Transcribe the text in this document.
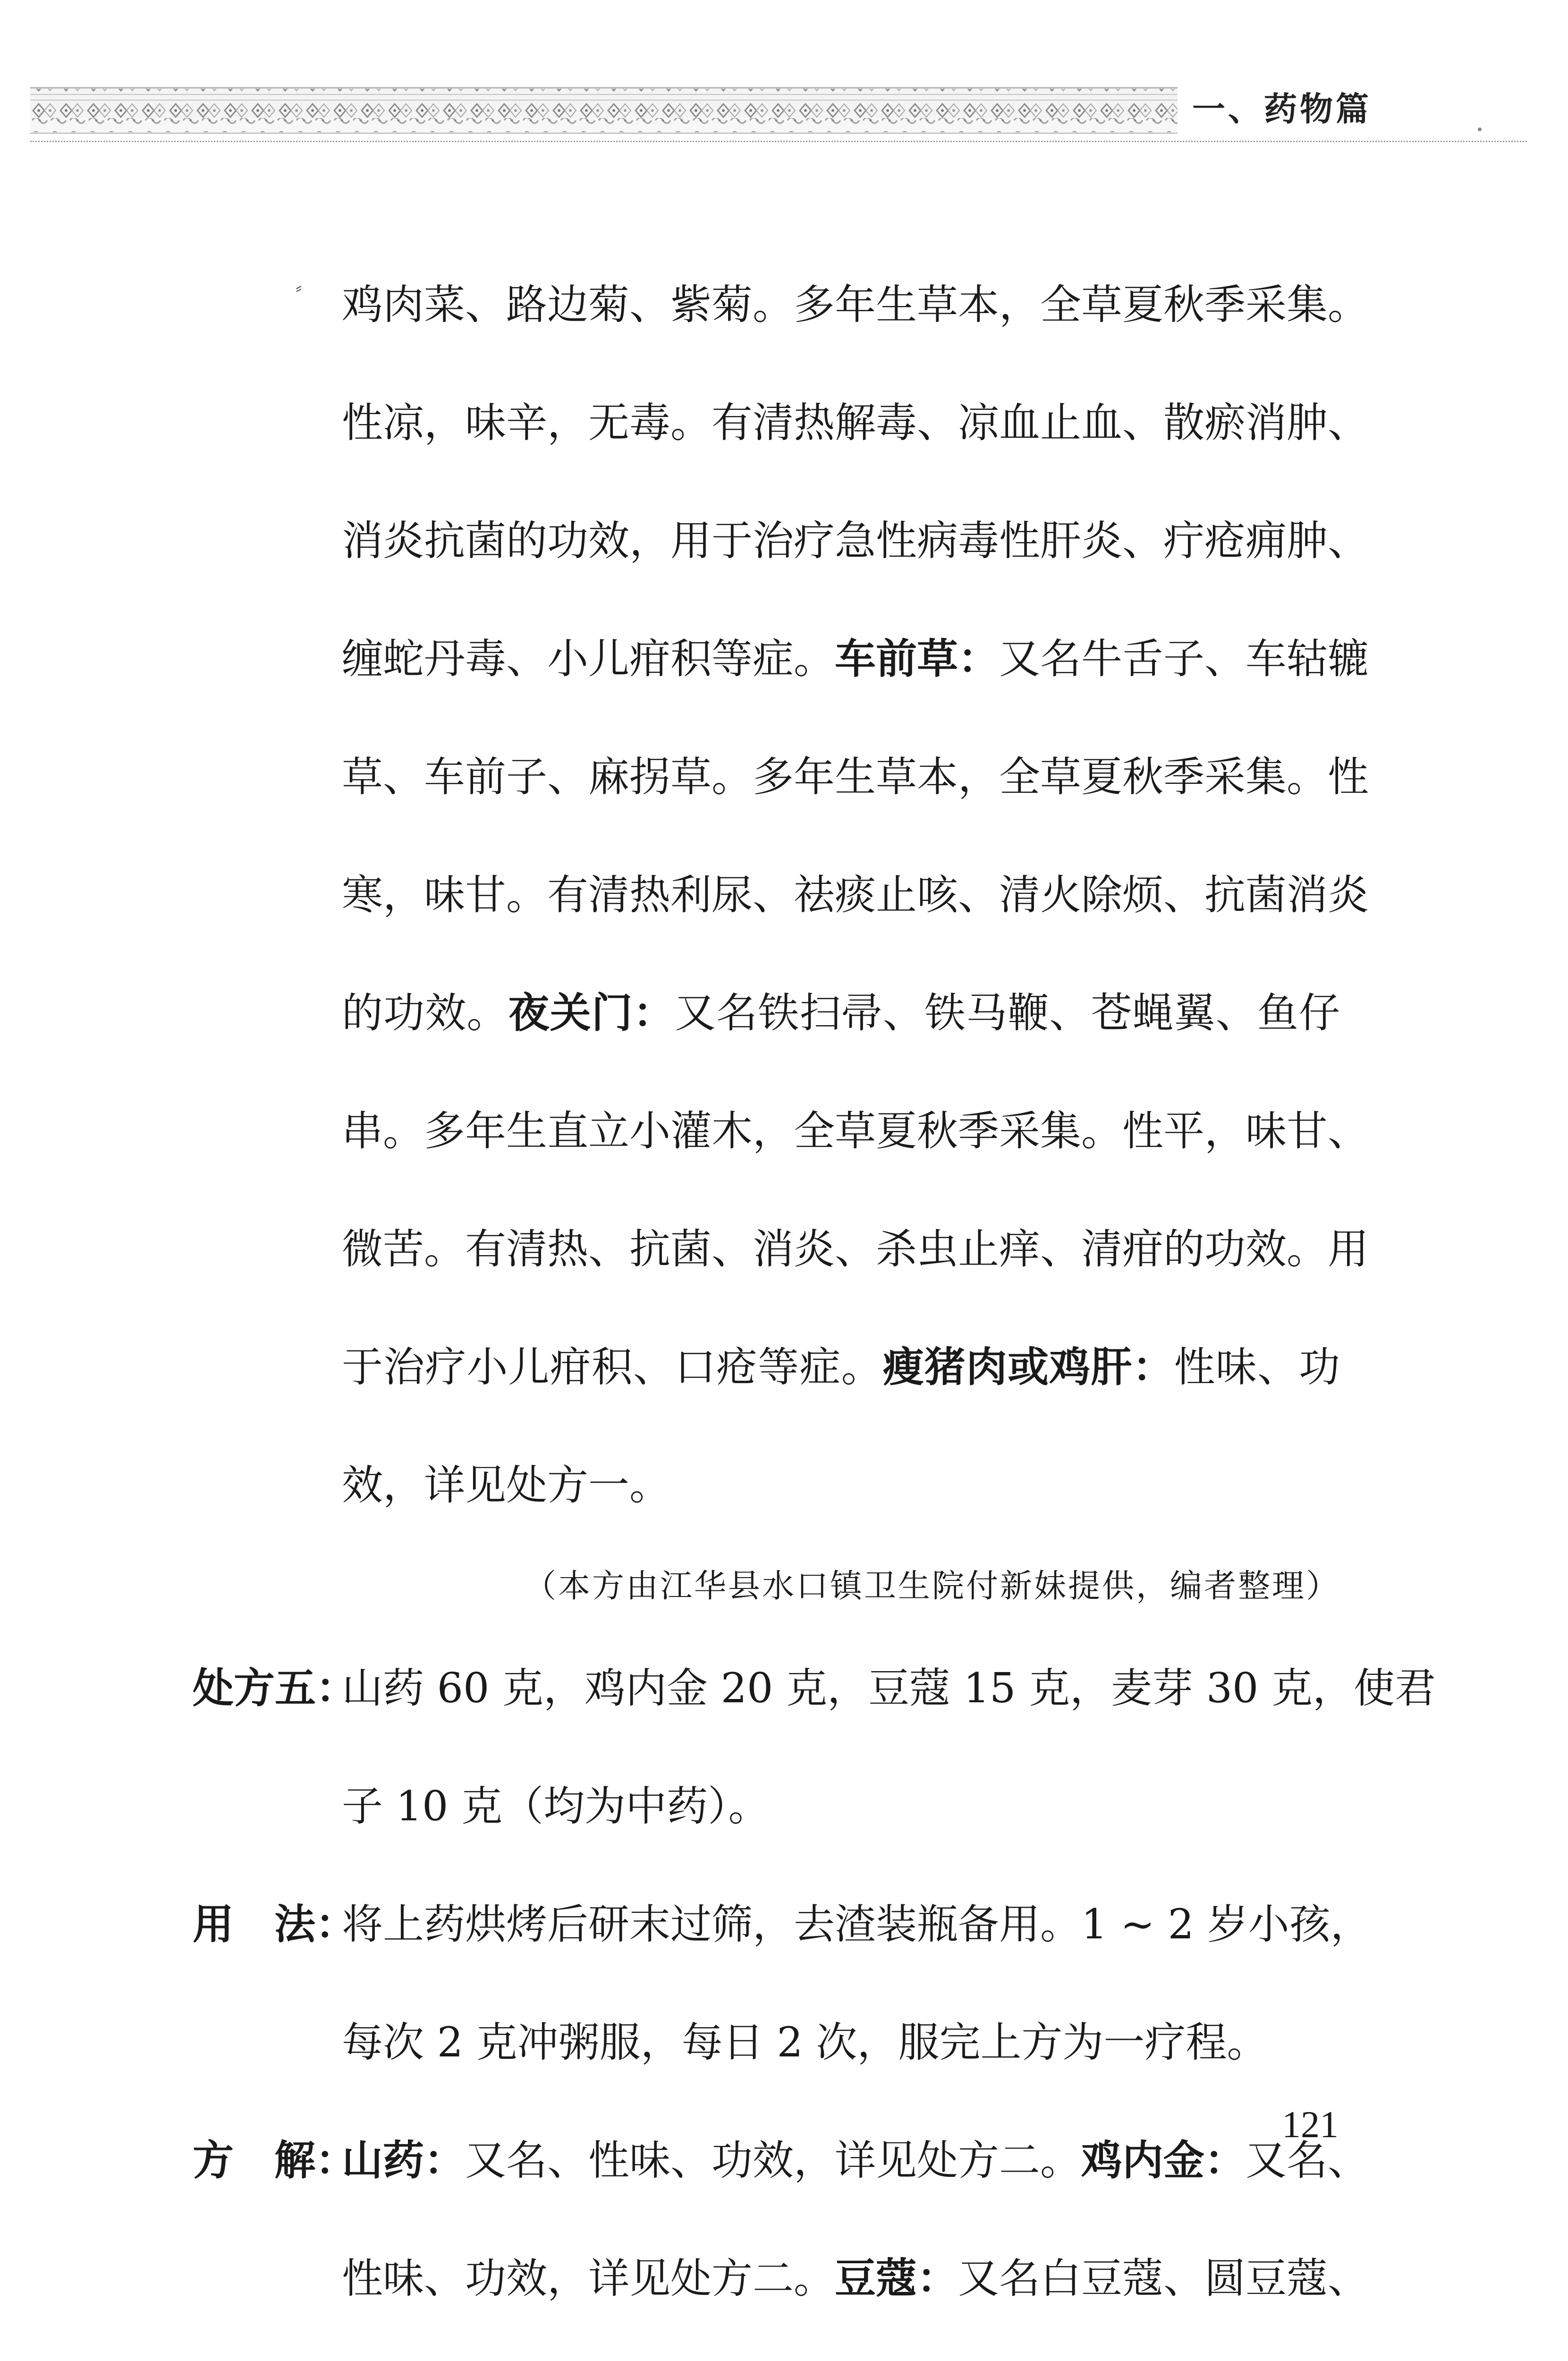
一、药物篇
⸗ 鸡肉菜、路边菊、紫菊。多年生草本，全草夏秋季采集。
性凉，味辛，无毒。有清热解毒、凉血止血、散瘀消肿、
消炎抗菌的功效，用于治疗急性病毒性肝炎、疔疮痈肿、
缠蛇丹毒、小儿疳积等症。车前草：又名牛舌子、车轱辘
草、车前子、麻拐草。多年生草本，全草夏秋季采集。性
寒，味甘。有清热利尿、祛痰止咳、清火除烦、抗菌消炎
的功效。夜关门：又名铁扫帚、铁马鞭、苍蝇翼、鱼仔
串。多年生直立小灌木，全草夏秋季采集。性平，味甘、
微苦。有清热、抗菌、消炎、杀虫止痒、清疳的功效。用
于治疗小儿疳积、口疮等症。瘦猪肉或鸡肝：性味、功
效，详见处方一。
（本方由江华县水口镇卫生院付新妹提供，编者整理）
处方五：
山药 60 克，鸡内金 20 克，豆蔻 15 克，麦芽 30 克，使君
子 10 克（均为中药）。
用 法：
将上药烘烤后研末过筛，去渣装瓶备用。1 ~ 2 岁小孩，
每次 2 克冲粥服，每日 2 次，服完上方为一疗程。
方 解：
山药：又名、性味、功效，详见处方二。鸡内金：又名、
性味、功效，详见处方二。豆蔻：又名白豆蔻、圆豆蔻、
121
